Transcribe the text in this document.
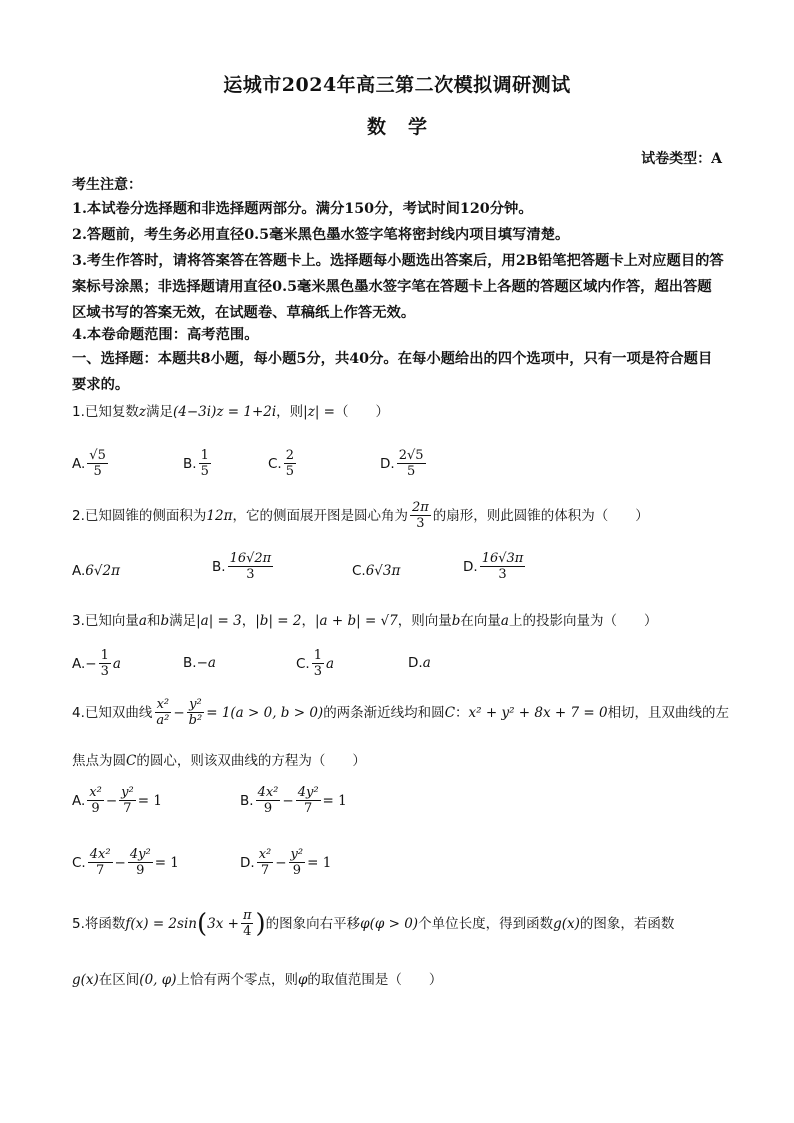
运城市2024年高三第二次模拟调研测试
数学
试卷类型：A
考生注意：
1.本试卷分选择题和非选择题两部分。满分150分，考试时间120分钟。
2.答题前，考生务必用直径0.5毫米黑色墨水签字笔将密封线内项目填写清楚。
3.考生作答时，请将答案答在答题卡上。选择题每小题选出答案后，用2B铅笔把答题卡上对应题目的答案标号涂黑；非选择题请用直径0.5毫米黑色墨水签字笔在答题卡上各题的答题区域内作答，超出答题区域书写的答案无效，在试题卷、草稿纸上作答无效。
4.本卷命题范围：高考范围。
一、选择题：本题共8小题，每小题5分，共40分。在每小题给出的四个选项中，只有一项是符合题目要求的。
1.已知复数z满足(4−3i)z = 1+2i，则|z| =（　　）
A. $\frac{√5}{5}$	B. $\frac{1}{5}$	C. $\frac{2}{5}$	D. $\frac{2√5}{5}$
2.已知圆锥的侧面积为 12π ，它的侧面展开图是圆心角为 $\frac{2\pi}{3}$ 的扇形，则此圆锥的体积为（　　）
A. 6√2π	B. $\frac{16√2\pi}{3}$	C. 6√3π	D. $\frac{16√3\pi}{3}$
3.已知向量a和b满足|a| = 3，|b| = 2，|a + b| = √7，则向量b在向量a上的投影向量为（　　）
A. − $\frac{1}{3}$ a	B. −a	C. $\frac{1}{3}$ a	D. a
4.已知双曲线 $\frac{\text{x²}}{\text{a²}} - \frac{\text{y²}}{\text{b²}} = 1(a > 0$, b > 0) 的两条渐近线均和圆 C ： x² + y² + 8x + 7 = 0 相切，且双曲线的左
焦点为圆C的圆心，则该双曲线的方程为（　　）
A. $\frac{\text{x²}}{9} - \frac{\text{y²}}{7} = 1$	B. $\frac{\text{4x²}}{9} - \frac{\text{4y²}}{7} = 1$
C. $\frac{\text{4x²}}{7} - \frac{\text{4y²}}{9} = 1$	D. $\frac{\text{x²}}{7} - \frac{\text{y²}}{9} = 1$
5.将函数 f(x) = 2sin ( $3x + \frac{\pi}{4}$ ) 的图象向右平移 φ(φ > 0) 个单位长度，得到函数 g(x) 的图象，若函数
g(x)在区间(0, φ)上恰有两个零点，则φ的取值范围是（　　）
